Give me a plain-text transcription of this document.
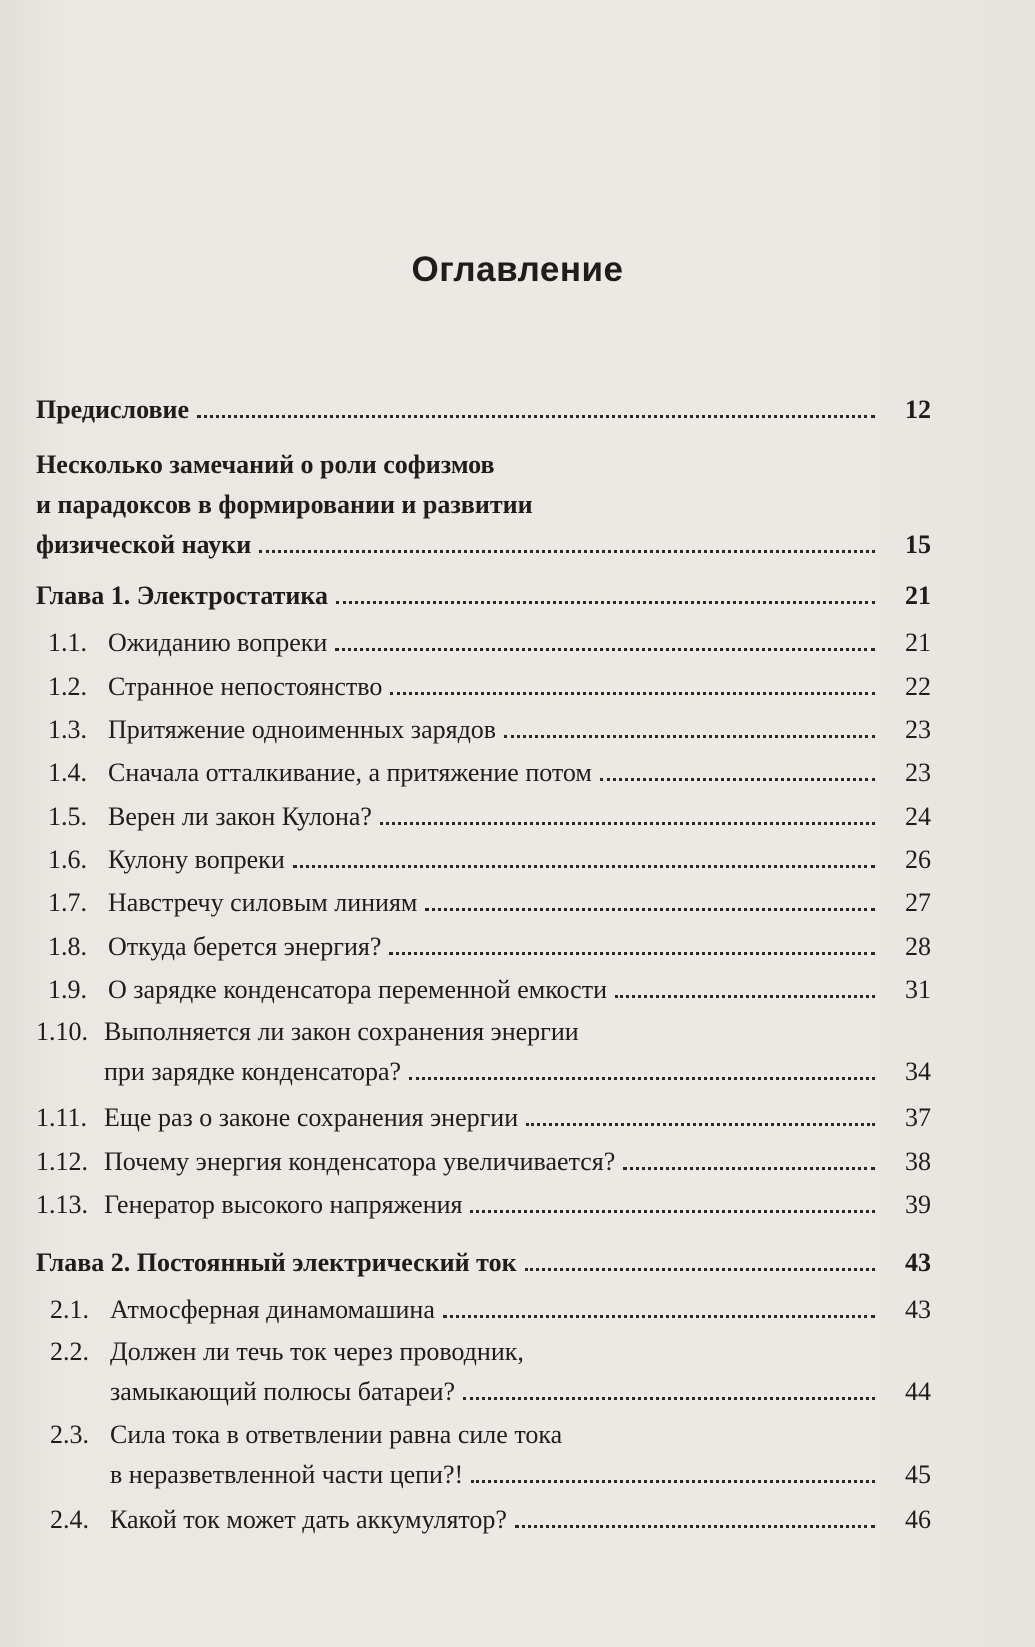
Оглавление
Предисловие	12
Несколько замечаний о роли софизмов
и парадоксов в формировании и развитии
физической науки	15
Глава 1. Электростатика	21
1.1. Ожиданию вопреки	21
1.2. Странное непостоянство	22
1.3. Притяжение одноименных зарядов	23
1.4. Сначала отталкивание, а притяжение потом	23
1.5. Верен ли закон Кулона?	24
1.6. Кулону вопреки	26
1.7. Навстречу силовым линиям	27
1.8. Откуда берется энергия?	28
1.9. О зарядке конденсатора переменной емкости	31
1.10. Выполняется ли закон сохранения энергии
при зарядке конденсатора?	34
1.11. Еще раз о законе сохранения энергии	37
1.12. Почему энергия конденсатора увеличивается?	38
1.13. Генератор высокого напряжения	39
Глава 2. Постоянный электрический ток	43
2.1. Атмосферная динамомашина	43
2.2. Должен ли течь ток через проводник,
замыкающий полюсы батареи?	44
2.3. Сила тока в ответвлении равна силе тока
в неразветвленной части цепи?!	45
2.4. Какой ток может дать аккумулятор?	46
